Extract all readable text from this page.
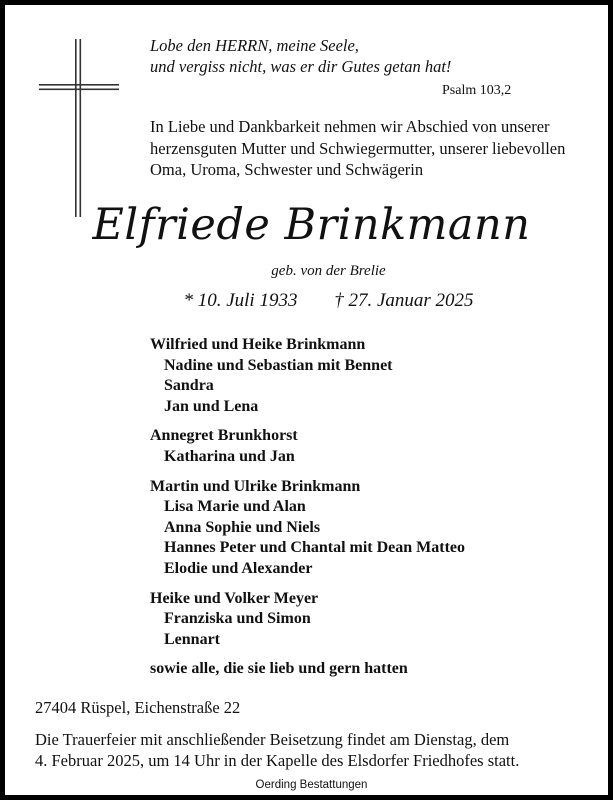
Lobe den HERRN, meine Seele,
und vergiss nicht, was er dir Gutes getan hat!
Psalm 103,2
In Liebe und Dankbarkeit nehmen wir Abschied von unserer herzensguten Mutter und Schwiegermutter, unserer liebevollen Oma, Uroma, Schwester und Schwägerin
Elfriede Brinkmann
geb. von der Brelie
* 10. Juli 1933 † 27. Januar 2025
Wilfried und Heike Brinkmann
Nadine und Sebastian mit Bennet
Sandra
Jan und Lena
Annegret Brunkhorst
Katharina und Jan
Martin und Ulrike Brinkmann
Lisa Marie und Alan
Anna Sophie und Niels
Hannes Peter und Chantal mit Dean Matteo
Elodie und Alexander
Heike und Volker Meyer
Franziska und Simon
Lennart
sowie alle, die sie lieb und gern hatten
27404 Rüspel, Eichenstraße 22
Die Trauerfeier mit anschließender Beisetzung findet am Dienstag, dem
4. Februar 2025, um 14 Uhr in der Kapelle des Elsdorfer Friedhofes statt.
Oerding Bestattungen
